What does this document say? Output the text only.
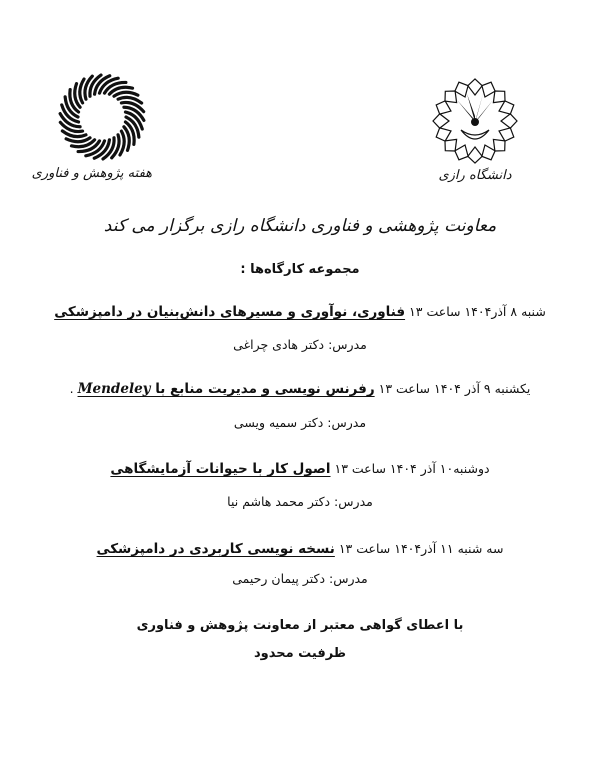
هفته پژوهش و فناوری	دانشگاه رازی
معاونت پژوهشی و فناوری دانشگاه رازی برگزار می کند
مجموعه کارگاه‌ها :
شنبه ۸ آذر۱۴۰۴ ساعت ۱۳ فناوری، نوآوری و مسیرهای دانش‌بنیان در دامپزشکی
مدرس: دکتر هادی چراغی
یکشنبه ۹ آذر ۱۴۰۴ ساعت ۱۳ رفرنس نویسی و مدیریت منابع با Mendeley .
مدرس: دکتر سمیه ویسی
دوشنبه۱۰ آذر ۱۴۰۴ ساعت ۱۳ اصول کار با حیوانات آزمایشگاهی
مدرس: دکتر محمد هاشم نیا
سه شنبه ۱۱ آذر۱۴۰۴ ساعت ۱۳ نسخه نویسی کاربردی در دامپزشکی
مدرس: دکتر پیمان رحیمی
با اعطای گواهی معتبر از معاونت پژوهش و فناوری
ظرفیت محدود
